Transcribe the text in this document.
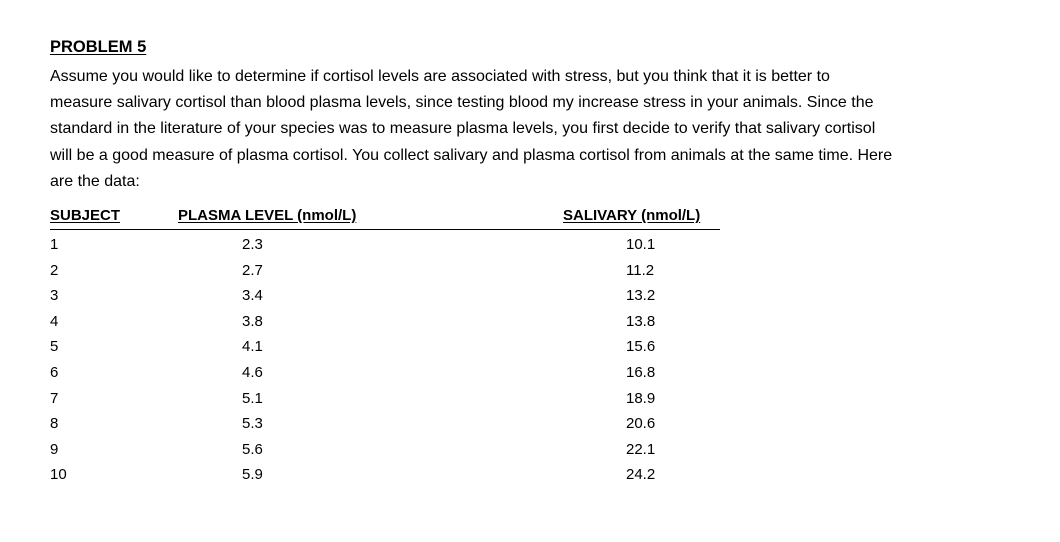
PROBLEM 5
Assume you would like to determine if cortisol levels are associated with stress, but you think that it is better to
measure salivary cortisol than blood plasma levels, since testing blood my increase stress in your animals. Since the
standard in the literature of your species was to measure plasma levels, you first decide to verify that salivary cortisol
will be a good measure of plasma cortisol. You collect salivary and plasma cortisol from animals at the same time. Here
are the data:
SUBJECT	PLASMA LEVEL (nmol/L)	SALIVARY (nmol/L)
1	2.3	10.1
2	2.7	11.2
3	3.4	13.2
4	3.8	13.8
5	4.1	15.6
6	4.6	16.8
7	5.1	18.9
8	5.3	20.6
9	5.6	22.1
10	5.9	24.2
